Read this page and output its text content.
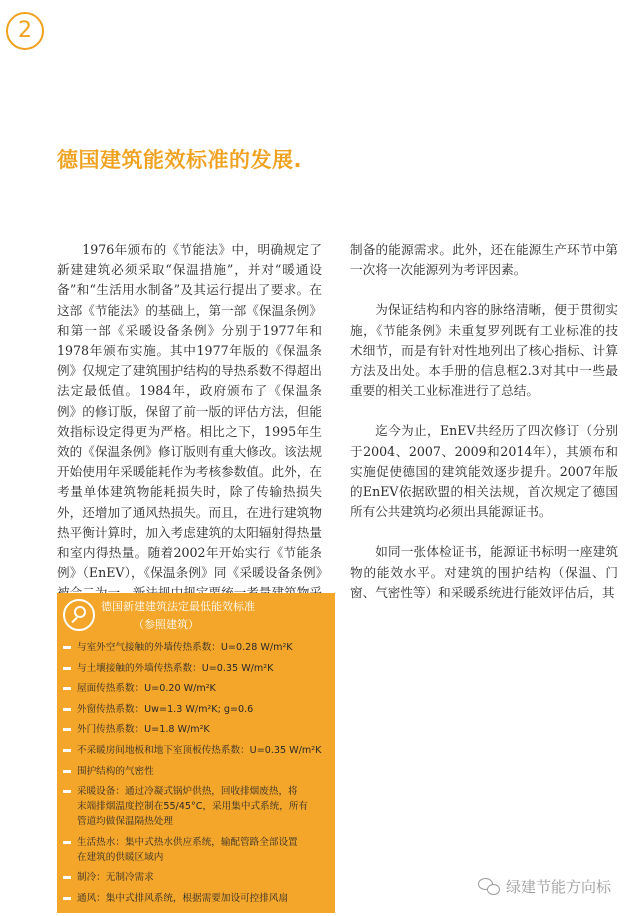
2
德国建筑能效标准的发展.

1976年颁布的《节能法》中，明确规定了新建建筑必须采取“保温措施”，并对“暖通设备”和“生活用水制备”及其运行提出了要求。在这部《节能法》的基础上，第一部《保温条例》和第一部《采暖设备条例》分别于1977年和1978年颁布实施。其中1977年版的《保温条例》仅规定了建筑围护结构的导热系数不得超出法定最低值。1984年，政府颁布了《保温条例》的修订版，保留了前一版的评估方法，但能效指标设定得更为严格。相比之下，1995年生效的《保温条例》修订版则有重大修改。该法规开始使用年采暖能耗作为考核参数值。此外，在考量单体建筑物能耗损失时，除了传输热损失外，还增加了通风热损失。而且，在进行建筑物热平衡计算时，加入考虑建筑的太阳辐射得热量和室内得热量。随着2002年开始实行《节能条例》（EnEV），《保温条例》同《采暖设备条例》

制备的能源需求。此外，还在能源生产环节中第一次将一次能源列为考评因素。

为保证结构和内容的脉络清晰，便于贯彻实施，《节能条例》未重复罗列既有工业标准的技术细节，而是有针对性地列出了核心指标、计算方法及出处。本手册的信息框2.3对其中一些最重要的相关工业标准进行了总结。

迄今为止，EnEV共经历了四次修订（分别于2004、2007、2009和2014年），其颁布和实施促使德国的建筑能效逐步提升。2007年版的EnEV依据欧盟的相关法规，首次规定了德国所有公共建筑均必须出具能源证书。

如同一张体检证书，能源证书标明一座建筑物的能效水平。对建筑的围护结构（保温、门窗、气密性等）和采暖系统进行能效评估后，其

德国新建建筑法定最低能效标准
（参照建筑）
与室外空气接触的外墙传热系数：U=0.28 W/m²K
与土壤接触的外墙传热系数：U=0.35 W/m²K
屋面传热系数：U=0.20 W/m²K
外窗传热系数：Uw=1.3 W/m²K; g=0.6
外门传热系数：U=1.8 W/m²K
不采暖房间地板和地下室顶板传热系数：U=0.35 W/m²K
围护结构的气密性
采暖设备：通过冷凝式锅炉供热，回收排烟废热，将
末端排烟温度控制在55/45°C，采用集中式系统，所有
管道均做保温隔热处理
生活热水：集中式热水供应系统，输配管路全部设置
在建筑的供暖区域内
制冷：无制冷需求
通风：集中式排风系统，根据需要加设可控排风扇
绿建节能方向标
